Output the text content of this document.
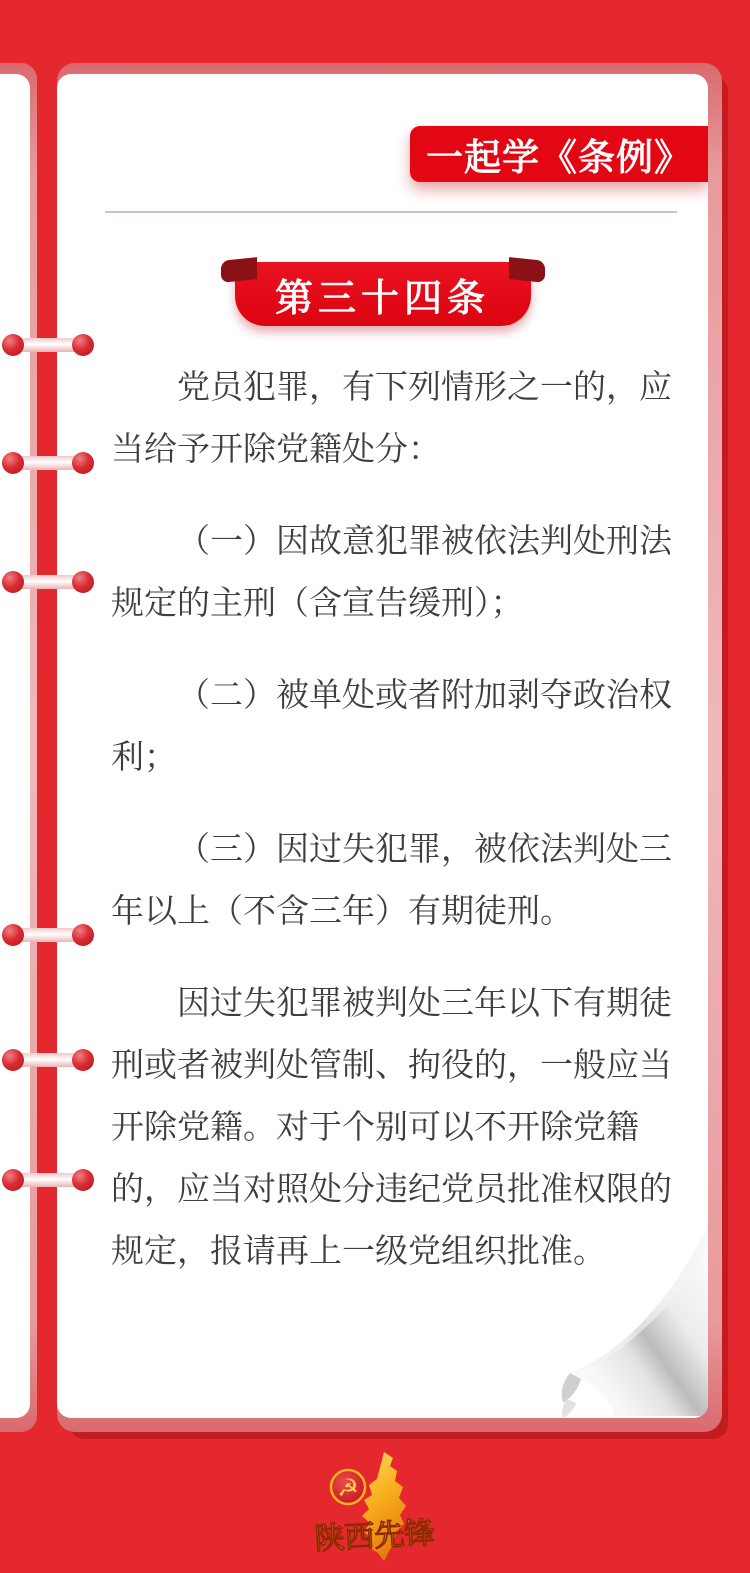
一起学《条例》
第三十四条

党员犯罪，有下列情形之一的，应当给予开除党籍处分：

（一）因故意犯罪被依法判处刑法规定的主刑（含宣告缓刑）；

（二）被单处或者附加剥夺政治权利；

（三）因过失犯罪，被依法判处三年以上（不含三年）有期徒刑。

因过失犯罪被判处三年以下有期徒刑或者被判处管制、拘役的，一般应当开除党籍。对于个别可以不开除党籍的，应当对照处分违纪党员批准权限的规定，报请再上一级党组织批准。

☭
陕西先锋
